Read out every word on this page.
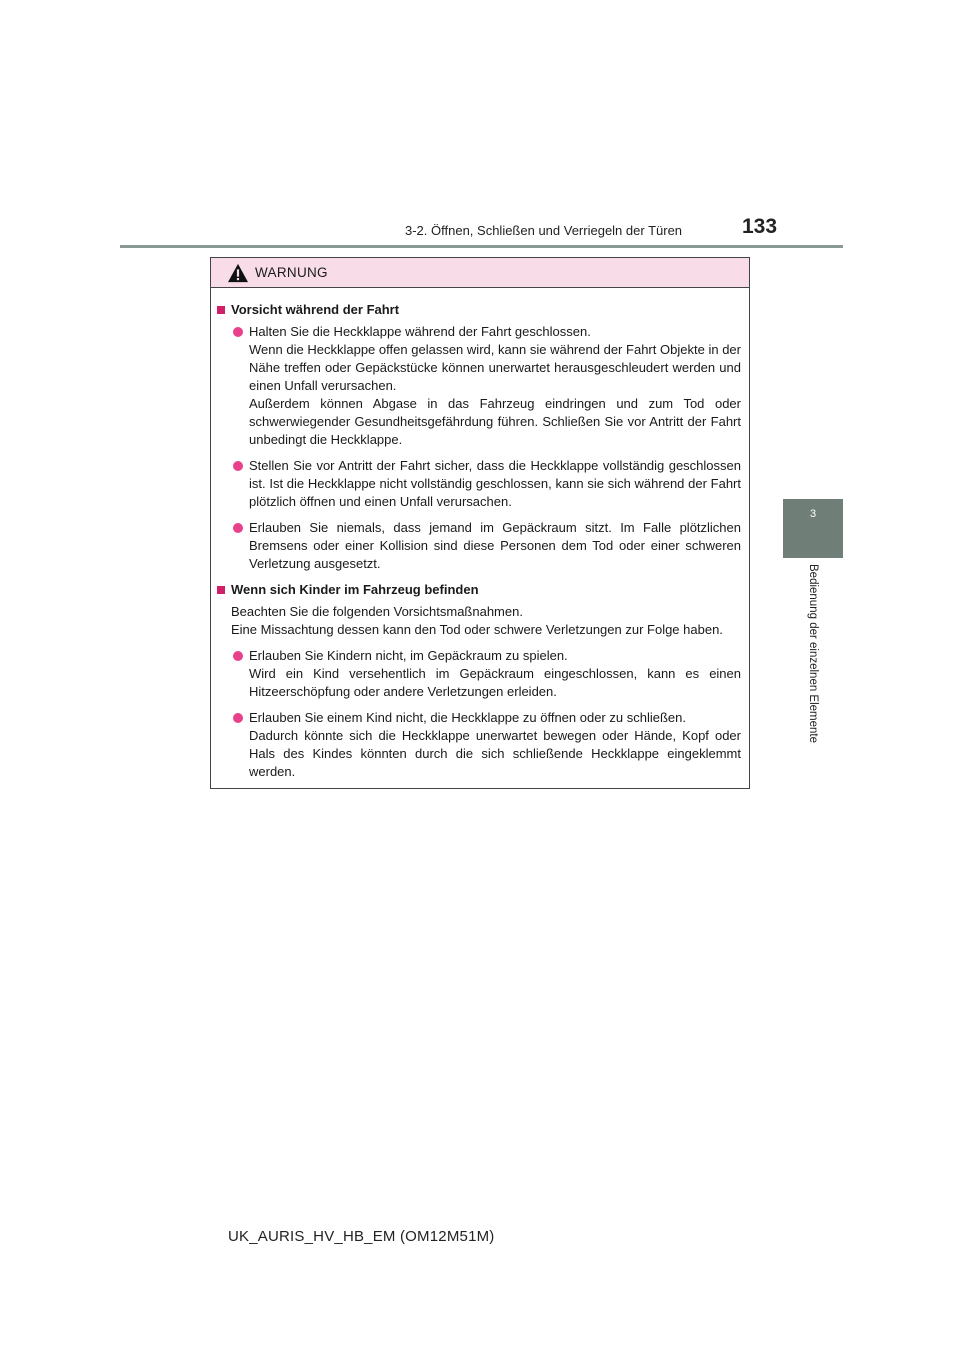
3-2. Öffnen, Schließen und Verriegeln der Türen	133
3
Bedienung der einzelnen Elemente
WARNUNG
Vorsicht während der Fahrt
Halten Sie die Heckklappe während der Fahrt geschlossen.
Wenn die Heckklappe offen gelassen wird, kann sie während der Fahrt Objekte in der Nähe treffen oder Gepäckstücke können unerwartet herausgeschleudert werden und einen Unfall verursachen.
Außerdem können Abgase in das Fahrzeug eindringen und zum Tod oder schwerwiegender Gesundheitsgefährdung führen. Schließen Sie vor Antritt der Fahrt unbedingt die Heckklappe.
Stellen Sie vor Antritt der Fahrt sicher, dass die Heckklappe vollständig geschlossen ist. Ist die Heckklappe nicht vollständig geschlossen, kann sie sich während der Fahrt plötzlich öffnen und einen Unfall verursachen.
Erlauben Sie niemals, dass jemand im Gepäckraum sitzt. Im Falle plötzlichen Bremsens oder einer Kollision sind diese Personen dem Tod oder einer schweren Verletzung ausgesetzt.
Wenn sich Kinder im Fahrzeug befinden

Beachten Sie die folgenden Vorsichtsmaßnahmen.

Eine Missachtung dessen kann den Tod oder schwere Verletzungen zur Folge haben.

Erlauben Sie Kindern nicht, im Gepäckraum zu spielen.
Wird ein Kind versehentlich im Gepäckraum eingeschlossen, kann es einen Hitzeerschöpfung oder andere Verletzungen erleiden.
Erlauben Sie einem Kind nicht, die Heckklappe zu öffnen oder zu schließen.
Dadurch könnte sich die Heckklappe unerwartet bewegen oder Hände, Kopf oder Hals des Kindes könnten durch die sich schließende Heckklappe eingeklemmt werden.
UK_AURIS_HV_HB_EM (OM12M51M)
